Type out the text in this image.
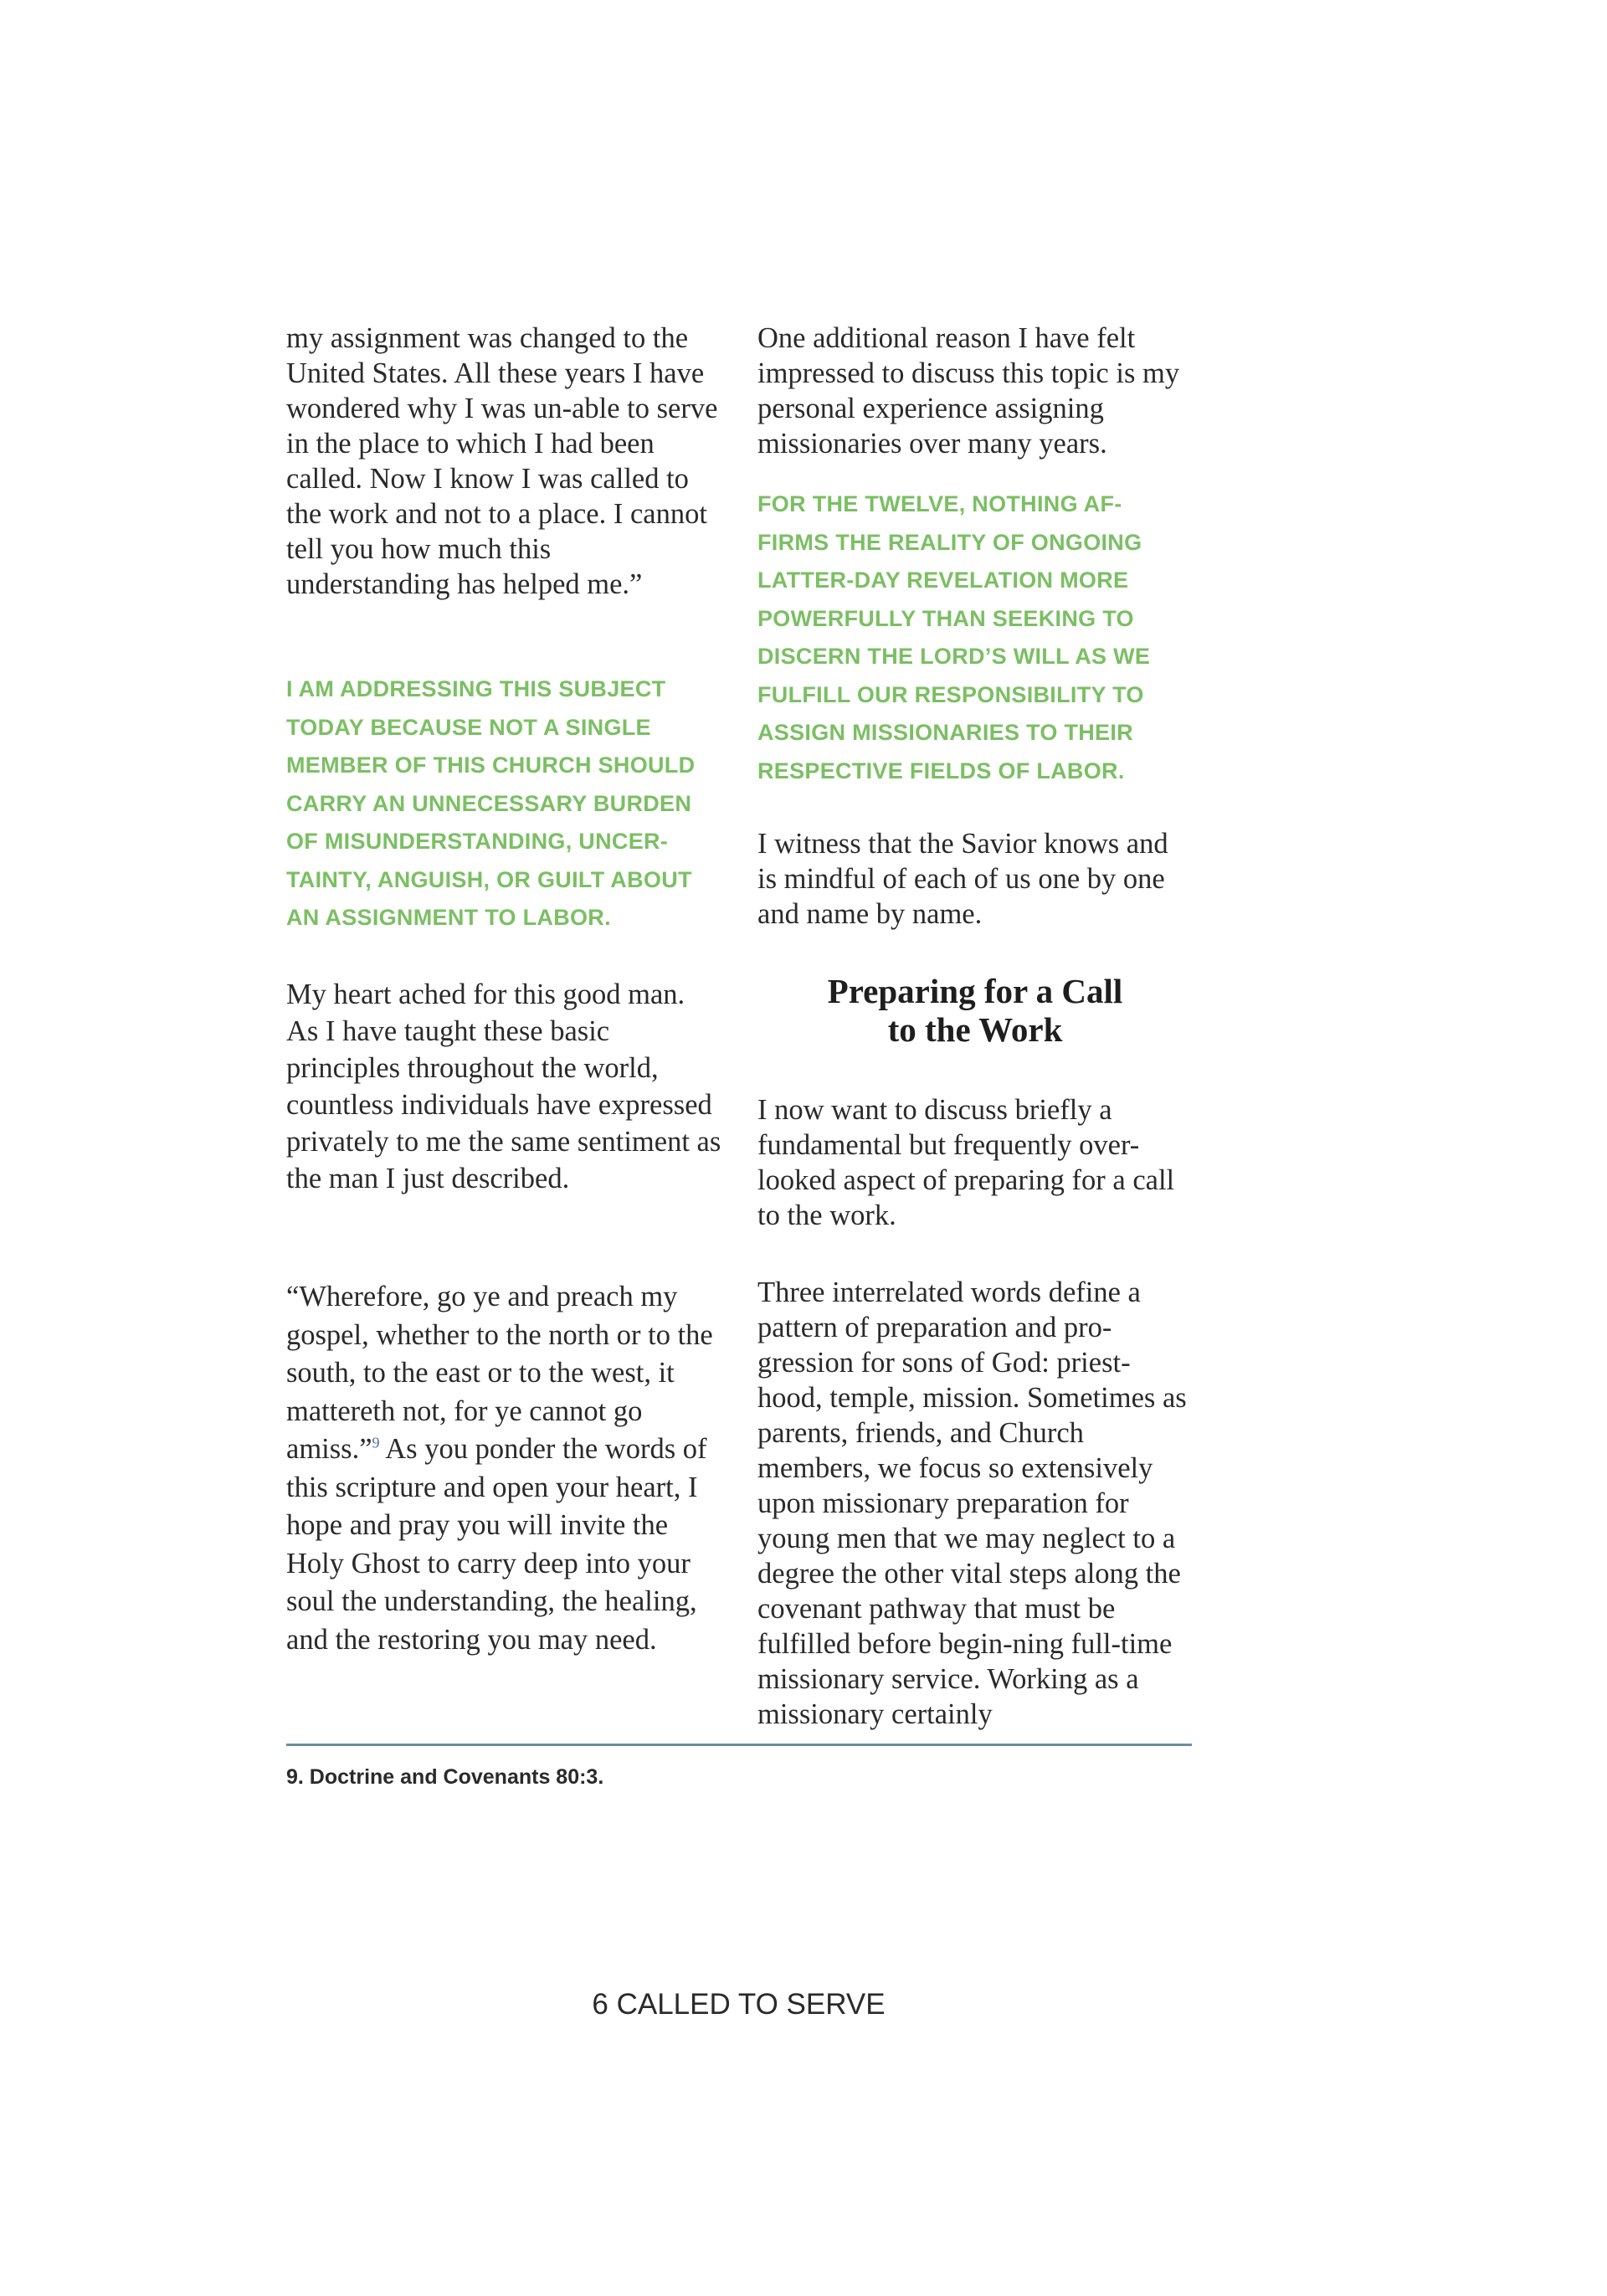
my assignment was changed to the United States. All these years I have wondered why I was un-able to serve in the place to which I had been called. Now I know I was called to the work and not to a place. I cannot tell you how much this understanding has helped me.”

I AM ADDRESSING THIS SUBJECT TODAY BECAUSE NOT A SINGLE MEMBER OF THIS CHURCH SHOULD CARRY AN UNNECESSARY BURDEN OF MISUNDERSTANDING, UNCER-TAINTY, ANGUISH, OR GUILT ABOUT AN ASSIGNMENT TO LABOR.

My heart ached for this good man. As I have taught these basic principles throughout the world, countless individuals have expressed privately to me the same sentiment as the man I just described.

“Wherefore, go ye and preach my gospel, whether to the north or to the south, to the east or to the west, it mattereth not, for ye cannot go amiss.”$^9$ As you ponder the words of this scripture and open your heart, I hope and pray you will invite the Holy Ghost to carry deep into your soul the understanding, the healing, and the restoring you may need.

One additional reason I have felt impressed to discuss this topic is my personal experience assigning missionaries over many years.

FOR THE TWELVE, NOTHING AF-FIRMS THE REALITY OF ONGOING LATTER-DAY REVELATION MORE POWERFULLY THAN SEEKING TO DISCERN THE LORD’S WILL AS WE FULFILL OUR RESPONSIBILITY TO ASSIGN MISSIONARIES TO THEIR RESPECTIVE FIELDS OF LABOR.

I witness that the Savior knows and is mindful of each of us one by one and name by name.

Preparing for a Call

to the Work

I now want to discuss briefly a fundamental but frequently over-looked aspect of preparing for a call to the work.

Three interrelated words define a pattern of preparation and pro-gression for sons of God: priest-hood, temple, mission. Sometimes as parents, friends, and Church members, we focus so extensively upon missionary preparation for young men that we may neglect to a degree the other vital steps along the covenant pathway that must be fulfilled before begin-ning full-time missionary service. Working as a missionary certainly

9. Doctrine and Covenants 80:3.

6 CALLED TO SERVE
